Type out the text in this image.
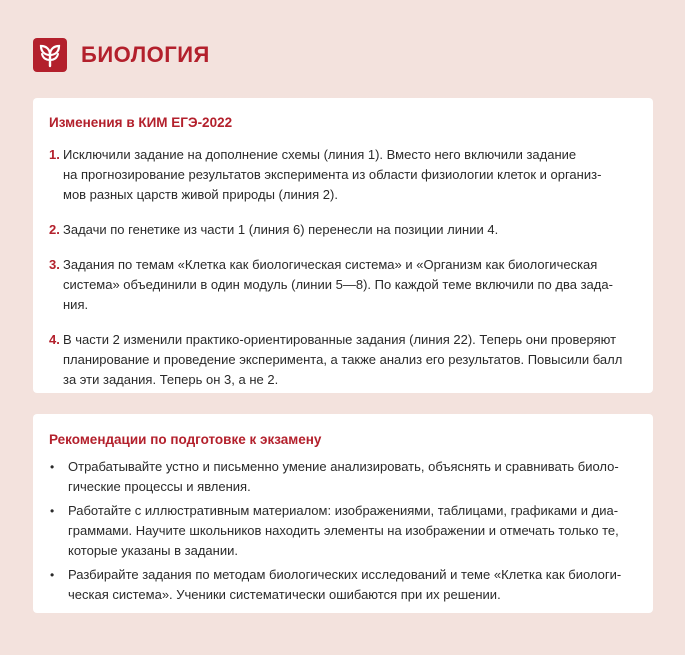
БИОЛОГИЯ
Изменения в КИМ ЕГЭ-2022
1. Исключили задание на дополнение схемы (линия 1). Вместо него включили задание
на прогнозирование результатов эксперимента из области физиологии клеток и организ-
мов разных царств живой природы (линия 2).
2. Задачи по генетике из части 1 (линия 6) перенесли на позиции линии 4.
3. Задания по темам «Клетка как биологическая система» и «Организм как биологическая
система» объединили в один модуль (линии 5—8). По каждой теме включили по два зада-
ния.
4. В части 2 изменили практико-ориентированные задания (линия 22). Теперь они проверяют
планирование и проведение эксперимента, а также анализ его результатов. Повысили балл
за эти задания. Теперь он 3, а не 2.
Рекомендации по подготовке к экзамену
•	Отрабатывайте устно и письменно умение анализировать, объяснять и сравнивать биоло-
гические процессы и явления.
•	Работайте с иллюстративным материалом: изображениями, таблицами, графиками и диа-
граммами. Научите школьников находить элементы на изображении и отмечать только те,
которые указаны в задании.
•	Разбирайте задания по методам биологических исследований и теме «Клетка как биологи-
ческая система». Ученики систематически ошибаются при их решении.
